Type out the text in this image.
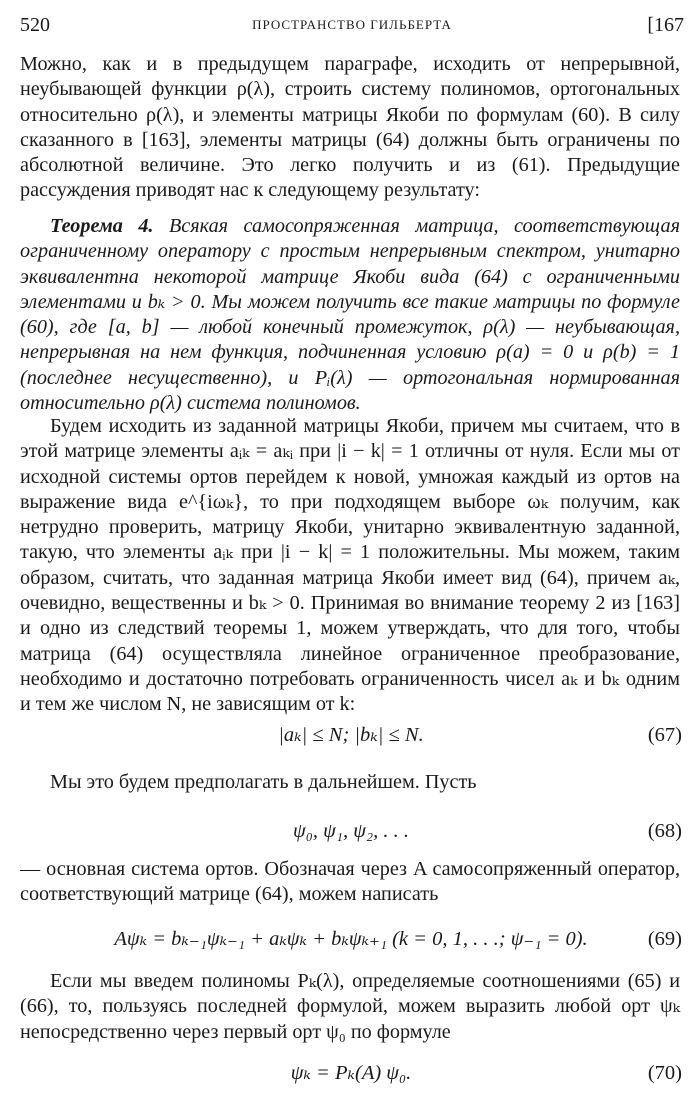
520	ПРОСТРАНСТВО ГИЛЬБЕРТА	[167

Можно, как и в предыдущем параграфе, исходить от непрерывной, неубывающей функции ρ(λ), строить систему полиномов, ортогональных относительно ρ(λ), и элементы матрицы Якоби по формулам (60). В силу сказанного в [163], элементы матрицы (64) должны быть ограничены по абсолютной величине. Это легко получить и из (61). Предыдущие рассуждения приводят нас к следующему результату:

Теорема 4. Всякая самосопряженная матрица, соответствующая ограниченному оператору с простым непрерывным спектром, унитарно эквивалентна некоторой матрице Якоби вида (64) с ограниченными элементами и bₖ > 0. Мы можем получить все такие матрицы по формуле (60), где [a, b] — любой конечный промежуток, ρ(λ) — неубывающая, непрерывная на нем функция, подчиненная условию ρ(a) = 0 и ρ(b) = 1 (последнее несущественно), и Pᵢ(λ) — ортогональная нормированная относительно ρ(λ) система полиномов.

Будем исходить из заданной матрицы Якоби, причем мы считаем, что в этой матрице элементы aᵢₖ = aₖᵢ при |i − k| = 1 отличны от нуля. Если мы от исходной системы ортов перейдем к новой, умножая каждый из ортов на выражение вида e^{iωₖ}, то при подходящем выборе ωₖ получим, как нетрудно проверить, матрицу Якоби, унитарно эквивалентную заданной, такую, что элементы aᵢₖ при |i − k| = 1 положительны. Мы можем, таким образом, считать, что заданная матрица Якоби имеет вид (64), причем aₖ, очевидно, вещественны и bₖ > 0. Принимая во внимание теорему 2 из [163] и одно из следствий теоремы 1, можем утверждать, что для того, чтобы матрица (64) осуществляла линейное ограниченное преобразование, необходимо и достаточно потребовать ограниченность чисел aₖ и bₖ одним и тем же числом N, не зависящим от k:

|aₖ| ≤ N; |bₖ| ≤ N.	(67)

Мы это будем предполагать в дальнейшем. Пусть

ψ₀, ψ₁, ψ₂, . . .	(68)

— основная система ортов. Обозначая через A самосопряженный оператор, соответствующий матрице (64), можем написать

Aψₖ = bₖ₋₁ψₖ₋₁ + aₖψₖ + bₖψₖ₊₁ (k = 0, 1, . . .; ψ₋₁ = 0).	(69)

Если мы введем полиномы Pₖ(λ), определяемые соотношениями (65) и (66), то, пользуясь последней формулой, можем выразить любой орт ψₖ непосредственно через первый орт ψ₀ по формуле

ψₖ = Pₖ(A) ψ₀.	(70)
